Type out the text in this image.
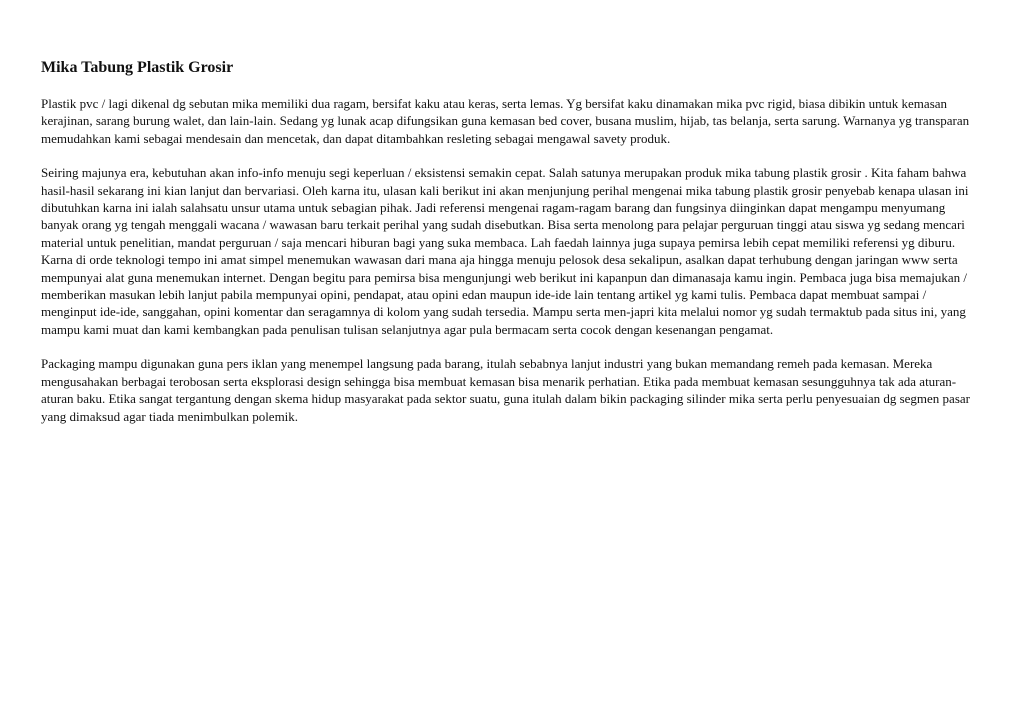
Mika Tabung Plastik Grosir

Plastik pvc / lagi dikenal dg sebutan mika memiliki dua ragam, bersifat kaku atau keras, serta lemas. Yg bersifat kaku dinamakan mika pvc rigid, biasa dibikin untuk kemasan kerajinan, sarang burung walet, dan lain-lain. Sedang yg lunak acap difungsikan guna kemasan bed cover, busana muslim, hijab, tas belanja, serta sarung. Warnanya yg transparan memudahkan kami sebagai mendesain dan mencetak, dan dapat ditambahkan resleting sebagai mengawal savety produk.

Seiring majunya era, kebutuhan akan info-info menuju segi keperluan / eksistensi semakin cepat. Salah satunya merupakan produk mika tabung plastik grosir . Kita faham bahwa hasil-hasil sekarang ini kian lanjut dan bervariasi. Oleh karna itu, ulasan kali berikut ini akan menjunjung perihal mengenai mika tabung plastik grosir penyebab kenapa ulasan ini dibutuhkan karna ini ialah salahsatu unsur utama untuk sebagian pihak. Jadi referensi mengenai ragam-ragam barang dan fungsinya diinginkan dapat mengampu menyumang banyak orang yg tengah menggali wacana / wawasan baru terkait perihal yang sudah disebutkan. Bisa serta menolong para pelajar perguruan tinggi atau siswa yg sedang mencari material untuk penelitian, mandat perguruan / saja mencari hiburan bagi yang suka membaca. Lah faedah lainnya juga supaya pemirsa lebih cepat memiliki referensi yg diburu. Karna di orde teknologi tempo ini amat simpel menemukan wawasan dari mana aja hingga menuju pelosok desa sekalipun, asalkan dapat terhubung dengan jaringan www serta mempunyai alat guna menemukan internet. Dengan begitu para pemirsa bisa mengunjungi web berikut ini kapanpun dan dimanasaja kamu ingin. Pembaca juga bisa memajukan / memberikan masukan lebih lanjut pabila mempunyai opini, pendapat, atau opini edan maupun ide-ide lain tentang artikel yg kami tulis. Pembaca dapat membuat sampai / menginput ide-ide, sanggahan, opini komentar dan seragamnya di kolom yang sudah tersedia. Mampu serta men-japri kita melalui nomor yg sudah termaktub pada situs ini, yang mampu kami muat dan kami kembangkan pada penulisan tulisan selanjutnya agar pula bermacam serta cocok dengan kesenangan pengamat.

Packaging mampu digunakan guna pers iklan yang menempel langsung pada barang, itulah sebabnya lanjut industri yang bukan memandang remeh pada kemasan. Mereka mengusahakan berbagai terobosan serta eksplorasi design sehingga bisa membuat kemasan bisa menarik perhatian. Etika pada membuat kemasan sesungguhnya tak ada aturan-aturan baku. Etika sangat tergantung dengan skema hidup masyarakat pada sektor suatu, guna itulah dalam bikin packaging silinder mika serta perlu penyesuaian dg segmen pasar yang dimaksud agar tiada menimbulkan polemik.
